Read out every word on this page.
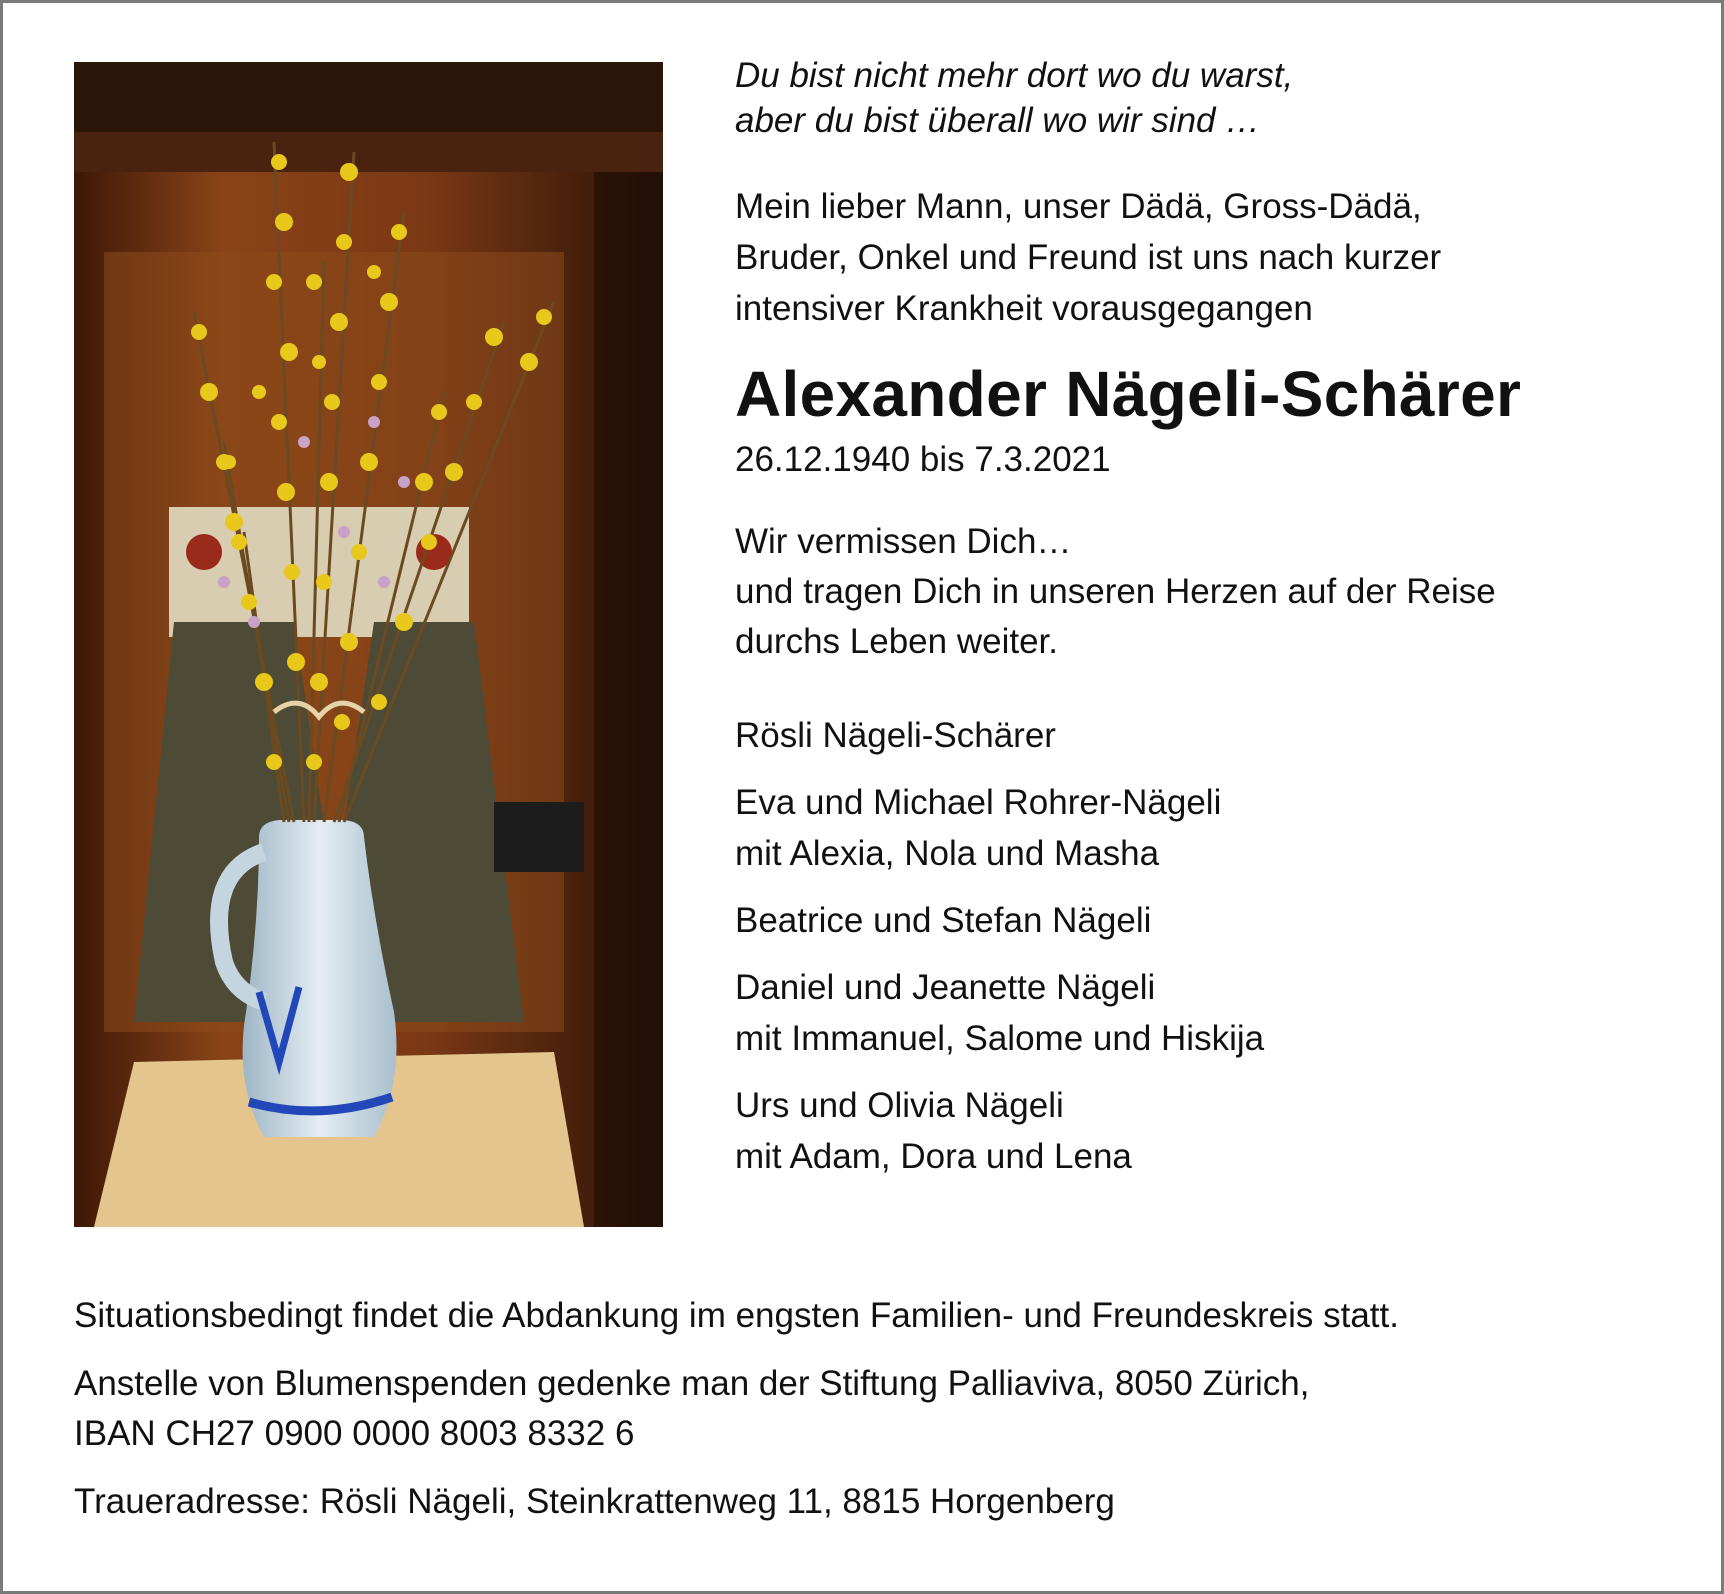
Du bist nicht mehr dort wo du warst,
aber du bist überall wo wir sind …
Mein lieber Mann, unser Dädä, Gross-Dädä,
Bruder, Onkel und Freund ist uns nach kurzer
intensiver Krankheit vorausgegangen
Alexander Nägeli-Schärer
26.12.1940 bis 7.3.2021
Wir vermissen Dich…
und tragen Dich in unseren Herzen auf der Reise
durchs Leben weiter.
Rösli Nägeli-Schärer
Eva und Michael Rohrer-Nägeli
mit Alexia, Nola und Masha
Beatrice und Stefan Nägeli
Daniel und Jeanette Nägeli
mit Immanuel, Salome und Hiskija
Urs und Olivia Nägeli
mit Adam, Dora und Lena

Situationsbedingt findet die Abdankung im engsten Familien- und Freundeskreis statt.

Anstelle von Blumenspenden gedenke man der Stiftung Palliaviva, 8050 Zürich,
IBAN CH27 0900 0000 8003 8332 6

Traueradresse: Rösli Nägeli, Steinkrattenweg 11, 8815 Horgenberg
